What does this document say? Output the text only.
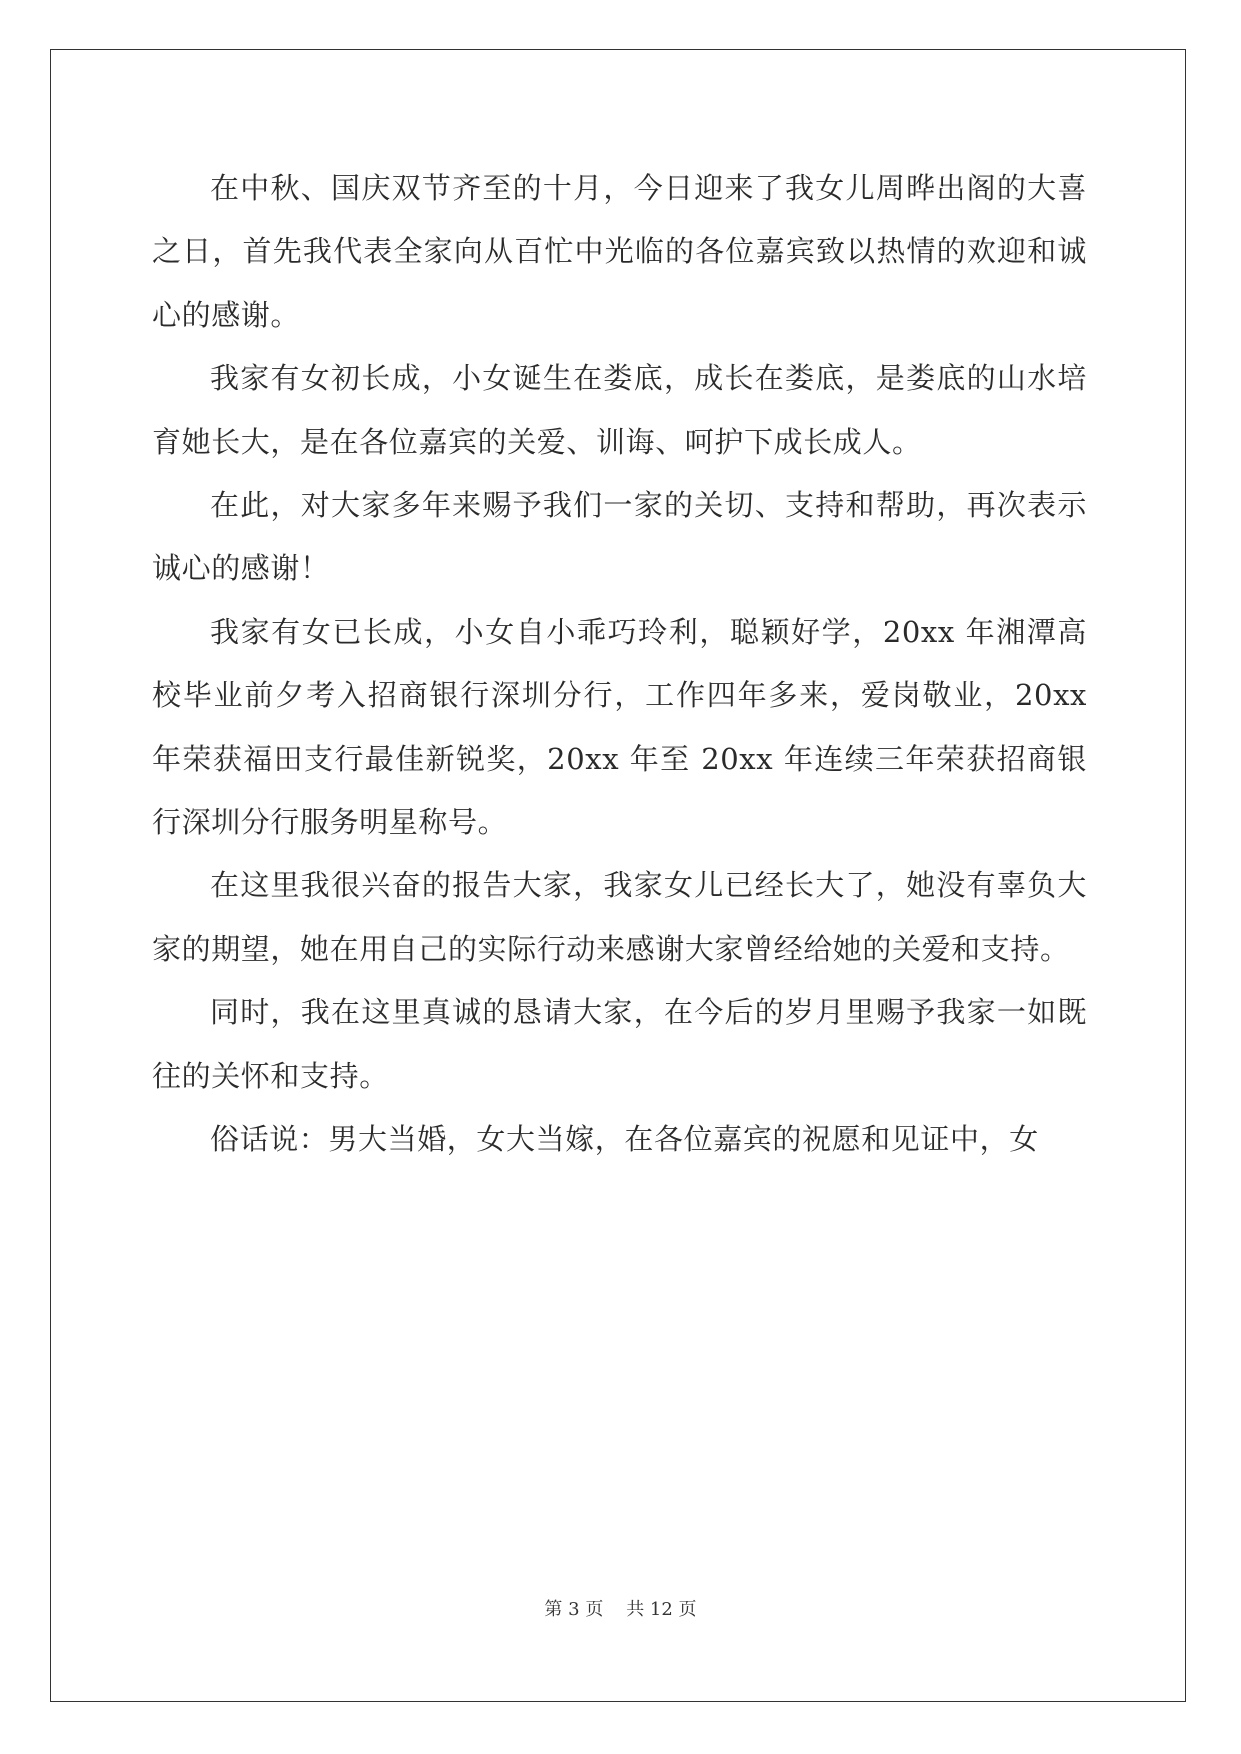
在中秋、国庆双节齐至的十月，今日迎来了我女儿周晔出阁的大喜之日，首先我代表全家向从百忙中光临的各位嘉宾致以热情的欢迎和诚心的感谢。

我家有女初长成，小女诞生在娄底，成长在娄底，是娄底的山水培育她长大，是在各位嘉宾的关爱、训诲、呵护下成长成人。

在此，对大家多年来赐予我们一家的关切、支持和帮助，再次表示诚心的感谢！

我家有女已长成，小女自小乖巧玲利，聪颖好学，20xx 年湘潭高校毕业前夕考入招商银行深圳分行，工作四年多来，爱岗敬业，20xx 年荣获福田支行最佳新锐奖，20xx 年至 20xx 年连续三年荣获招商银行深圳分行服务明星称号。

在这里我很兴奋的报告大家，我家女儿已经长大了，她没有辜负大家的期望，她在用自己的实际行动来感谢大家曾经给她的关爱和支持。

同时，我在这里真诚的恳请大家，在今后的岁月里赐予我家一如既往的关怀和支持。

俗话说：男大当婚，女大当嫁，在各位嘉宾的祝愿和见证中，女

第 3 页    共 12 页
